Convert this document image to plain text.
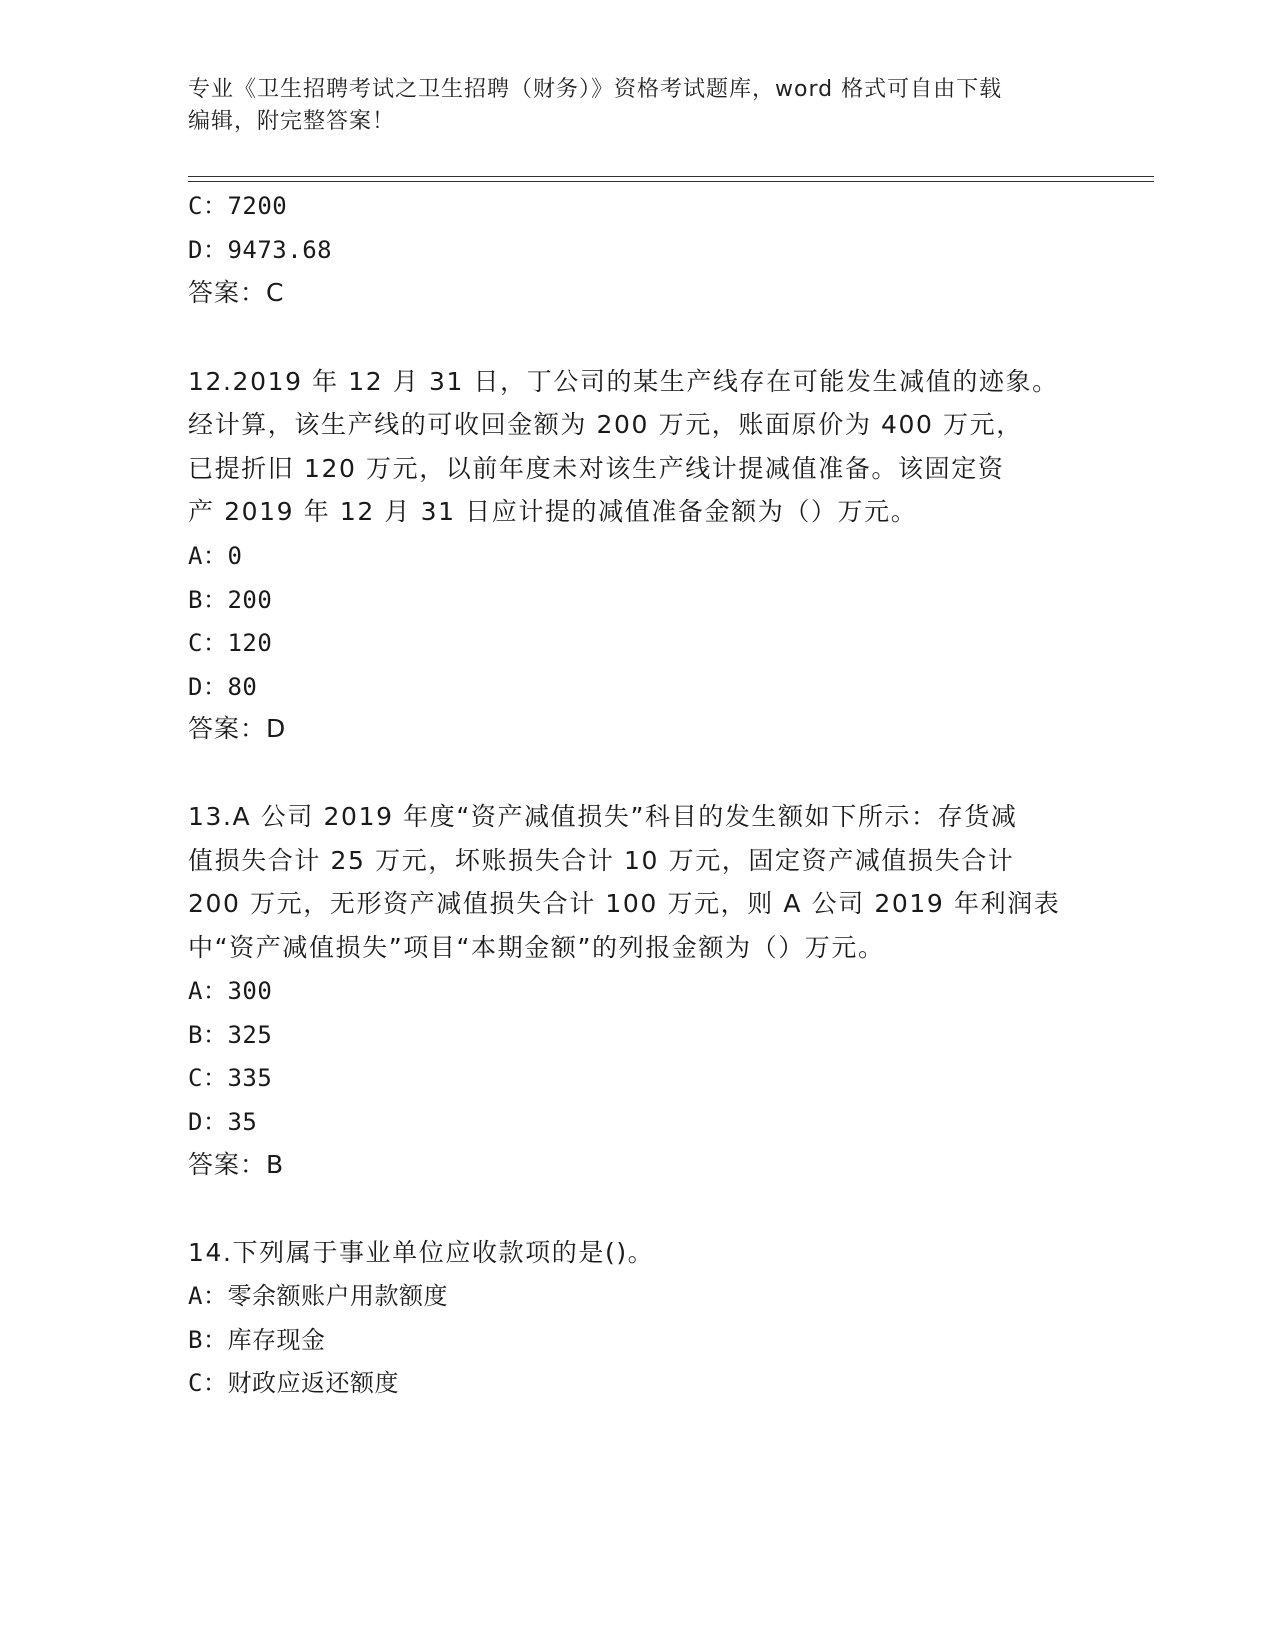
专业《卫生招聘考试之卫生招聘（财务）》资格考试题库，word 格式可自由下载
编辑，附完整答案！
C：7200
D：9473.68
答案：C
12.2019 年 12 月 31 日，丁公司的某生产线存在可能发生减值的迹象。
经计算，该生产线的可收回金额为 200 万元，账面原价为 400 万元，
已提折旧 120 万元，以前年度未对该生产线计提减值准备。该固定资
产 2019 年 12 月 31 日应计提的减值准备金额为（）万元。
A：0
B：200
C：120
D：80
答案：D
13.A 公司 2019 年度“资产减值损失”科目的发生额如下所示：存货减
值损失合计 25 万元，坏账损失合计 10 万元，固定资产减值损失合计
200 万元，无形资产减值损失合计 100 万元，则 A 公司 2019 年利润表
中“资产减值损失”项目“本期金额”的列报金额为（）万元。
A：300
B：325
C：335
D：35
答案：B
14.下列属于事业单位应收款项的是()。
A：零余额账户用款额度
B：库存现金
C：财政应返还额度
